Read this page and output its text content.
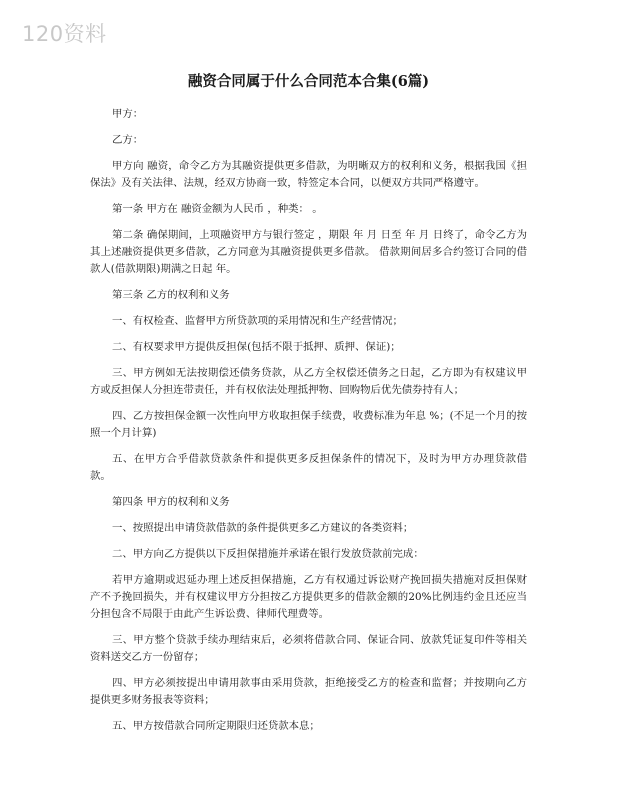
120资料
融资合同属于什么合同范本合集(6篇)

甲方：

乙方：

甲方向 融资，命令乙方为其融资提供更多借款，为明晰双方的权利和义务，根据我国《担保法》及有关法律、法规，经双方协商一致，特签定本合同，以便双方共同严格遵守。

第一条 甲方在 融资金额为人民币 ，种类： 。

第二条 确保期间，上项融资甲方与银行签定 ，期限 年 月 日至 年 月 日终了，命令乙方为其上述融资提供更多借款，乙方同意为其融资提供更多借款。 借款期间居多合约签订合同的借款人(借款期限)期满之日起 年。

第三条 乙方的权利和义务

一、有权检查、监督甲方所贷款项的采用情况和生产经营情况；

二、有权要求甲方提供反担保(包括不限于抵押、质押、保证)；

三、甲方例如无法按期偿还债务贷款，从乙方全权偿还债务之日起，乙方即为有权建议甲方或反担保人分担连带责任，并有权依法处理抵押物、回购物后优先债券持有人；

四、乙方按担保金额一次性向甲方收取担保手续费，收费标准为年息 %；(不足一个月的按照一个月计算)

五、在甲方合乎借款贷款条件和提供更多反担保条件的情况下，及时为甲方办理贷款借款。

第四条 甲方的权利和义务

一、按照提出申请贷款借款的条件提供更多乙方建议的各类资料；

二、甲方向乙方提供以下反担保措施并承诺在银行发放贷款前完成：

若甲方逾期或迟延办理上述反担保措施，乙方有权通过诉讼财产挽回损失措施对反担保财产不予挽回损失，并有权建议甲方分担按乙方提供更多的借款金额的20%比例违约金且还应当分担包含不局限于由此产生诉讼费、律师代理费等。

三、甲方整个贷款手续办理结束后，必须将借款合同、保证合同、放款凭证复印件等相关资料送交乙方一份留存；

四、甲方必须按提出申请用款事由采用贷款，拒绝接受乙方的检查和监督；并按期向乙方提供更多财务报表等资料；

五、甲方按借款合同所定期限归还贷款本息；
